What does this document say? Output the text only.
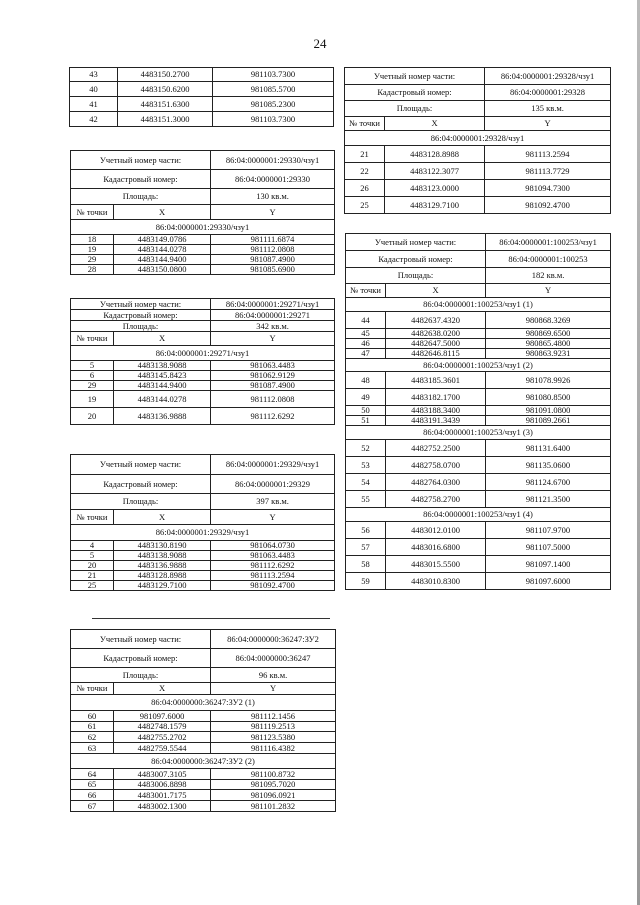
24
43	4483150.2700	981103.7300
40	4483150.6200	981085.5700
41	4483151.6300	981085.2300
42	4483151.3000	981103.7300
Учетный номер части:		86:04:0000001:29330/чзу1
Кадастровый номер:		86:04:0000001:29330
Площадь:		130 кв.м.
№ точки	X	Y
86:04:0000001:29330/чзу1		
18	4483149.0786	981111.6874
19	4483144.0278	981112.0808
29	4483144.9400	981087.4900
28	4483150.0800	981085.6900
Учетный номер части:		86:04:0000001:29271/чзу1
Кадастровый номер:		86:04:0000001:29271
Площадь:		342 кв.м.
№ точки	X	Y
86:04:0000001:29271/чзу1		
5	4483138.9088	981063.4483
6	4483145.8423	981062.9129
29	4483144.9400	981087.4900
19	4483144.0278	981112.0808
20	4483136.9888	981112.6292
Учетный номер части:		86:04:0000001:29329/чзу1
Кадастровый номер:		86:04:0000001:29329
Площадь:		397 кв.м.
№ точки	X	Y
86:04:0000001:29329/чзу1		
4	4483130.8190	981064.0730
5	4483138.9088	981063.4483
20	4483136.9888	981112.6292
21	4483128.8988	981113.2594
25	4483129.7100	981092.4700
Учетный номер части:		86:04:0000001:29328/чзу1
Кадастровый номер:		86:04:0000001:29328
Площадь:		135 кв.м.
№ точки	X	Y
86:04:0000001:29328/чзу1		
21	4483128.8988	981113.2594
22	4483122.3077	981113.7729
26	4483123.0000	981094.7300
25	4483129.7100	981092.4700
Учетный номер части:		86:04:0000001:100253/чзу1
Кадастровый номер:		86:04:0000001:100253
Площадь:		182 кв.м.
№ точки	X	Y
86:04:0000001:100253/чзу1 (1)		
44	4482637.4320	980868.3269
45	4482638.0200	980869.6500
46	4482647.5000	980865.4800
47	4482646.8115	980863.9231
86:04:0000001:100253/чзу1 (2)		
48	4483185.3601	981078.9926
49	4483182.1700	981080.8500
50	4483188.3400	981091.0800
51	4483191.3439	981089.2661
86:04:0000001:100253/чзу1 (3)		
52	4482752.2500	981131.6400
53	4482758.0700	981135.0600
54	4482764.0300	981124.6700
55	4482758.2700	981121.3500
86:04:0000001:100253/чзу1 (4)		
56	4483012.0100	981107.9700
57	4483016.6800	981107.5000
58	4483015.5500	981097.1400
59	4483010.8300	981097.6000
Учетный номер части:		86:04:0000000:36247:ЗУ2
Кадастровый номер:		86:04:0000000:36247
Площадь:		96 кв.м.
№ точки	X	Y
86:04:0000000:36247:ЗУ2 (1)		
60	981097.6000	981112.1456
61	4482748.1579	981119.2513
62	4482755.2702	981123.5380
63	4482759.5544	981116.4382
86:04:0000000:36247:ЗУ2 (2)		
64	4483007.3105	981100.8732
65	4483006.8898	981095.7020
66	4483001.7175	981096.0921
67	4483002.1300	981101.2832
